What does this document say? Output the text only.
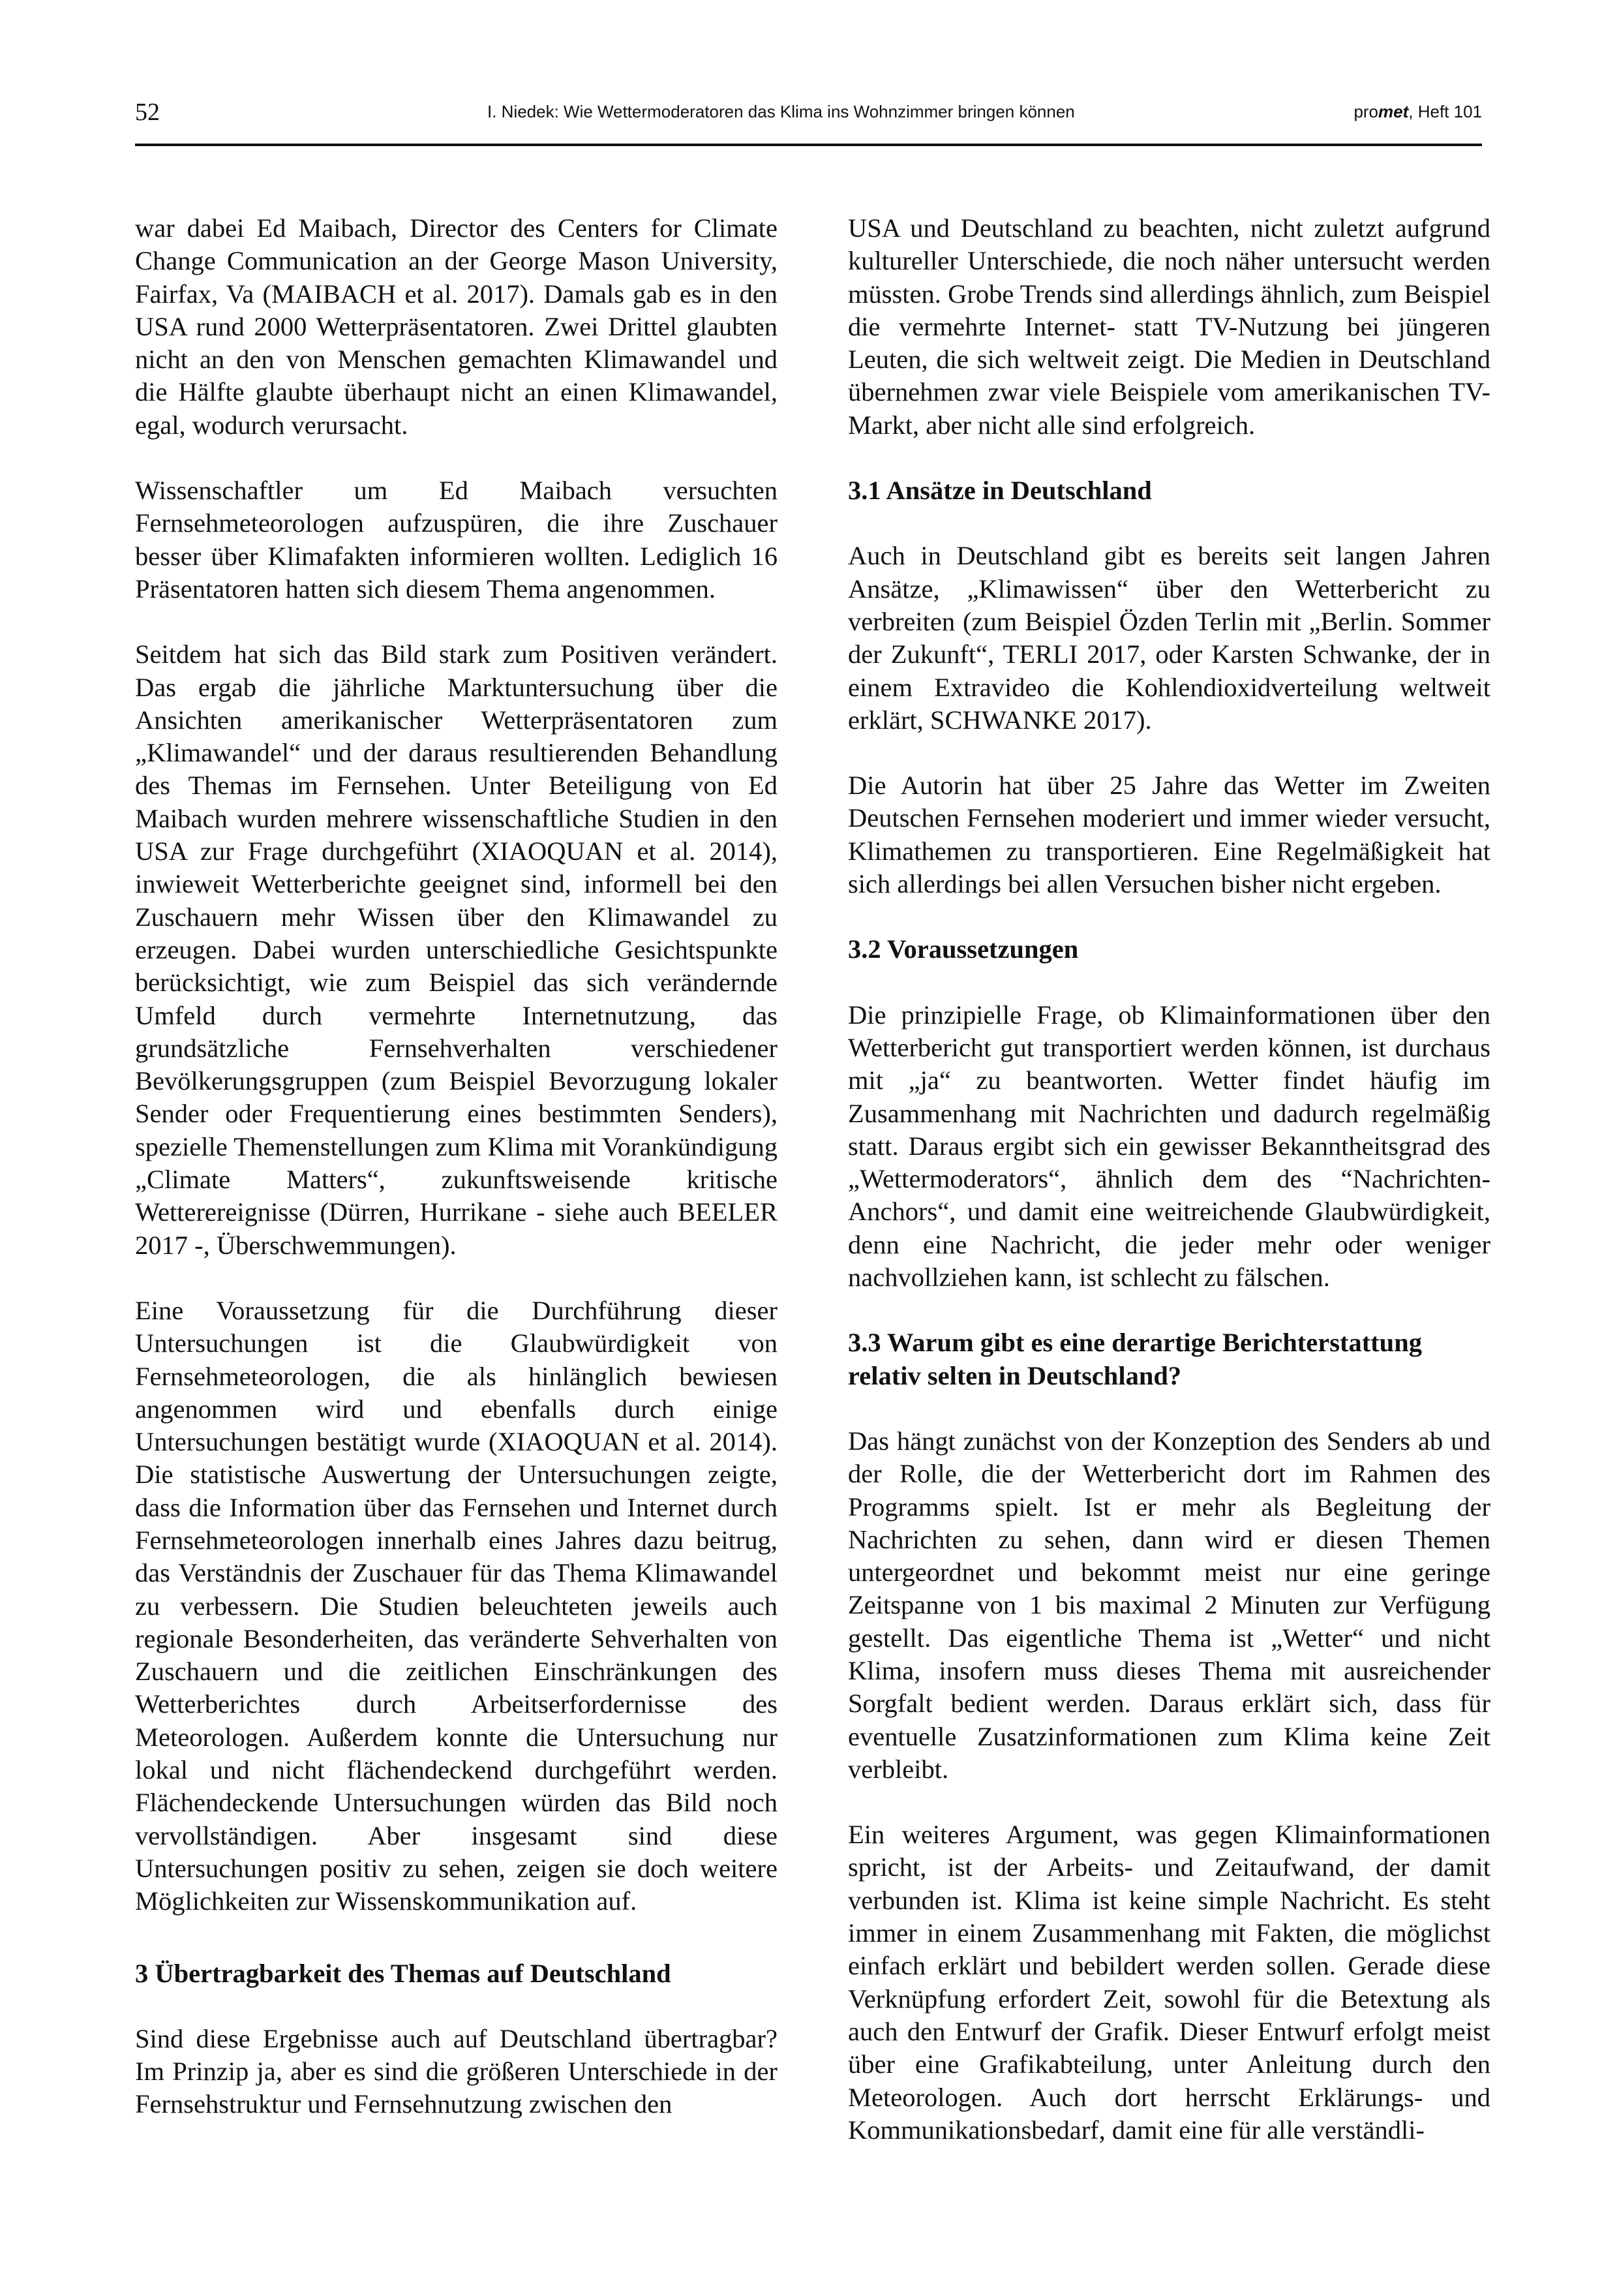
52	I. Niedek: Wie Wettermoderatoren das Klima ins Wohnzimmer bringen können	promet, Heft 101

war dabei Ed Maibach, Director des Centers for Climate Change Communication an der George Mason University, Fairfax, Va (MAIBACH et al. 2017). Damals gab es in den USA rund 2000 Wetterpräsentatoren. Zwei Drittel glaubten nicht an den von Menschen gemachten Klimawandel und die Hälfte glaubte überhaupt nicht an einen Klimawandel, egal, wodurch verursacht.

Wissenschaftler um Ed Maibach versuchten Fernsehmeteorologen aufzuspüren, die ihre Zuschauer besser über Klimafakten informieren wollten. Lediglich 16 Präsentatoren hatten sich diesem Thema angenommen.

Seitdem hat sich das Bild stark zum Positiven verändert. Das ergab die jährliche Marktuntersuchung über die Ansichten amerikanischer Wetterpräsentatoren zum „Klimawandel“ und der daraus resultierenden Behandlung des Themas im Fernsehen. Unter Beteiligung von Ed Maibach wurden mehrere wissenschaftliche Studien in den USA zur Frage durchgeführt (XIAOQUAN et al. 2014), inwieweit Wetterberichte geeignet sind, informell bei den Zuschauern mehr Wissen über den Klimawandel zu erzeugen. Dabei wurden unterschiedliche Gesichtspunkte berücksichtigt, wie zum Beispiel das sich verändernde Umfeld durch vermehrte Internetnutzung, das grundsätzliche Fernsehverhalten verschiedener Bevölkerungsgruppen (zum Beispiel Bevorzugung lokaler Sender oder Frequentierung eines bestimmten Senders), spezielle Themenstellungen zum Klima mit Vorankündigung „Climate Matters“, zukunftsweisende kritische Wetterereignisse (Dürren, Hurrikane - siehe auch BEELER 2017 -, Überschwemmungen).

Eine Voraussetzung für die Durchführung dieser Untersuchungen ist die Glaubwürdigkeit von Fernsehmeteorologen, die als hinlänglich bewiesen angenommen wird und ebenfalls durch einige Untersuchungen bestätigt wurde (XIAOQUAN et al. 2014). Die statistische Auswertung der Untersuchungen zeigte, dass die Information über das Fernsehen und Internet durch Fernsehmeteorologen innerhalb eines Jahres dazu beitrug, das Verständnis der Zuschauer für das Thema Klimawandel zu verbessern. Die Studien beleuchteten jeweils auch regionale Besonderheiten, das veränderte Sehverhalten von Zuschauern und die zeitlichen Einschränkungen des Wetterberichtes durch Arbeitserfordernisse des Meteorologen. Außerdem konnte die Untersuchung nur lokal und nicht flächendeckend durchgeführt werden. Flächendeckende Untersuchungen würden das Bild noch vervollständigen. Aber insgesamt sind diese Untersuchungen positiv zu sehen, zeigen sie doch weitere Möglichkeiten zur Wissenskommunikation auf.

3 Übertragbarkeit des Themas auf Deutschland

Sind diese Ergebnisse auch auf Deutschland übertragbar? Im Prinzip ja, aber es sind die größeren Unterschiede in der Fernsehstruktur und Fernsehnutzung zwischen den

USA und Deutschland zu beachten, nicht zuletzt aufgrund kultureller Unterschiede, die noch näher untersucht werden müssten. Grobe Trends sind allerdings ähnlich, zum Beispiel die vermehrte Internet- statt TV-Nutzung bei jüngeren Leuten, die sich weltweit zeigt. Die Medien in Deutschland übernehmen zwar viele Beispiele vom amerikanischen TV-Markt, aber nicht alle sind erfolgreich.

3.1 Ansätze in Deutschland

Auch in Deutschland gibt es bereits seit langen Jahren Ansätze, „Klimawissen“ über den Wetterbericht zu verbreiten (zum Beispiel Özden Terlin mit „Berlin. Sommer der Zukunft“, TERLI 2017, oder Karsten Schwanke, der in einem Extravideo die Kohlendioxidverteilung weltweit erklärt, SCHWANKE 2017).

Die Autorin hat über 25 Jahre das Wetter im Zweiten Deutschen Fernsehen moderiert und immer wieder versucht, Klimathemen zu transportieren. Eine Regelmäßigkeit hat sich allerdings bei allen Versuchen bisher nicht ergeben.

3.2 Voraussetzungen

Die prinzipielle Frage, ob Klimainformationen über den Wetterbericht gut transportiert werden können, ist durchaus mit „ja“ zu beantworten. Wetter findet häufig im Zusammenhang mit Nachrichten und dadurch regelmäßig statt. Daraus ergibt sich ein gewisser Bekanntheitsgrad des „Wettermoderators“, ähnlich dem des “Nachrichten-Anchors“, und damit eine weitreichende Glaubwürdigkeit, denn eine Nachricht, die jeder mehr oder weniger nachvollziehen kann, ist schlecht zu fälschen.

3.3 Warum gibt es eine derartige Berichterstattung relativ selten in Deutschland?

Das hängt zunächst von der Konzeption des Senders ab und der Rolle, die der Wetterbericht dort im Rahmen des Programms spielt. Ist er mehr als Begleitung der Nachrichten zu sehen, dann wird er diesen Themen untergeordnet und bekommt meist nur eine geringe Zeitspanne von 1 bis maximal 2 Minuten zur Verfügung gestellt. Das eigentliche Thema ist „Wetter“ und nicht Klima, insofern muss dieses Thema mit ausreichender Sorgfalt bedient werden. Daraus erklärt sich, dass für eventuelle Zusatzinformationen zum Klima keine Zeit verbleibt.

Ein weiteres Argument, was gegen Klimainformationen spricht, ist der Arbeits- und Zeitaufwand, der damit verbunden ist. Klima ist keine simple Nachricht. Es steht immer in einem Zusammenhang mit Fakten, die möglichst einfach erklärt und bebildert werden sollen. Gerade diese Verknüpfung erfordert Zeit, sowohl für die Betextung als auch den Entwurf der Grafik. Dieser Entwurf erfolgt meist über eine Grafikabteilung, unter Anleitung durch den Meteorologen. Auch dort herrscht Erklärungs- und Kommunikationsbedarf, damit eine für alle verständli-
